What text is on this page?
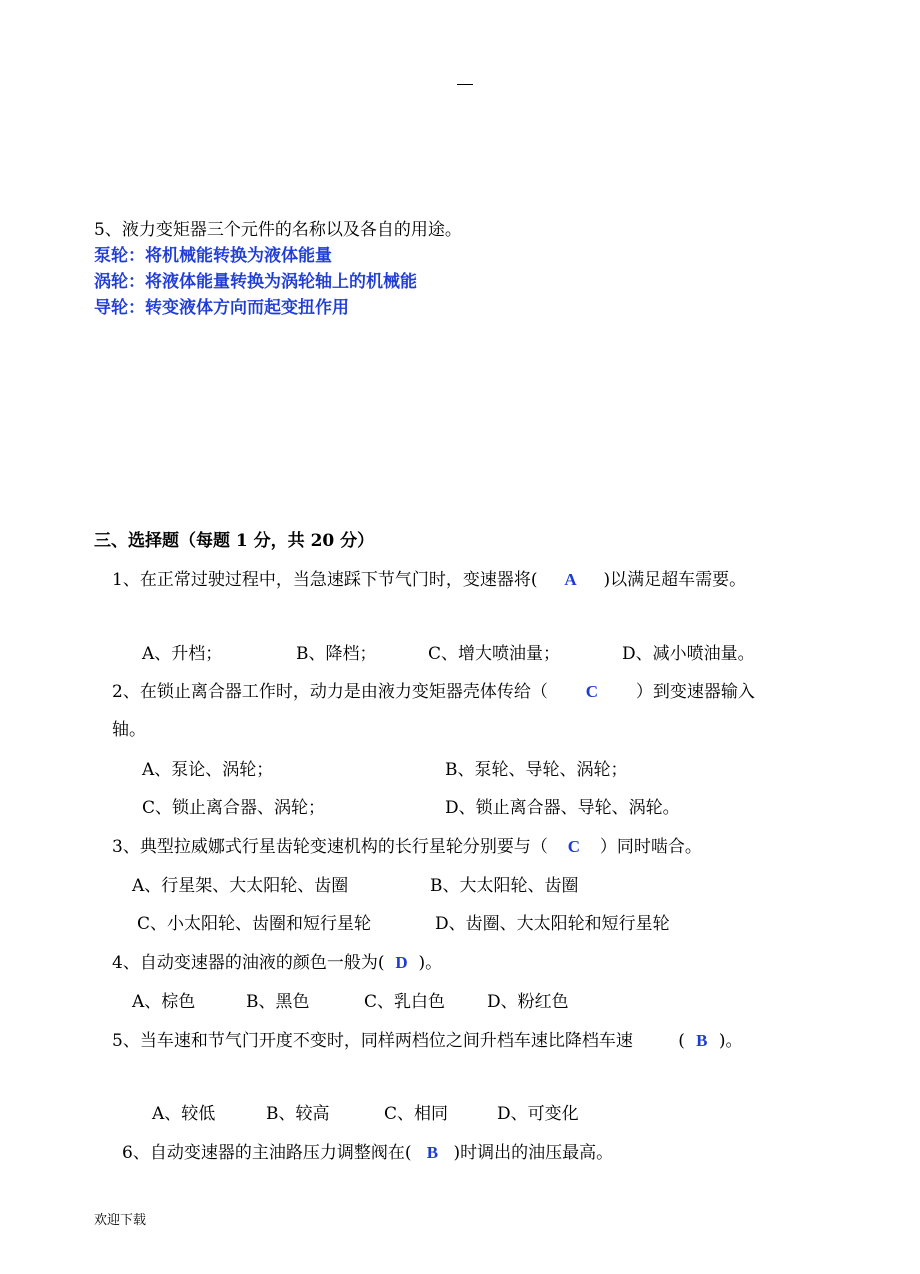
5、液力变矩器三个元件的名称以及各自的用途。
泵轮：将机械能转换为液体能量
涡轮：将液体能量转换为涡轮轴上的机械能
导轮：转变液体方向而起变扭作用
三、选择题（每题 1 分，共 20 分）
1、在正常过驶过程中，当急速踩下节气门时，变速器将( A )以满足超车需要。
A、升档；	B、降档；	C、增大喷油量；	D、减小喷油量。
2、在锁止离合器工作时，动力是由液力变矩器壳体传给（ C ）到变速器输入
轴。
A、泵论、涡轮；	B、泵轮、导轮、涡轮；
C、锁止离合器、涡轮；	D、锁止离合器、导轮、涡轮。
3、典型拉威娜式行星齿轮变速机构的长行星轮分别要与（ C ）同时啮合。
A、行星架、大太阳轮、齿圈	B、大太阳轮、齿圈
C、小太阳轮、齿圈和短行星轮	D、齿圈、大太阳轮和短行星轮
4、自动变速器的油液的颜色一般为( D )。
A、棕色	B、黑色	C、乳白色 D、粉红色
5、当车速和节气门开度不变时，同样两档位之间升档车速比降档车速	( B )。
A、较低	B、较高	C、相同	D、可变化
6、自动变速器的主油路压力调整阀在( B )时调出的油压最高。
欢迎下载
